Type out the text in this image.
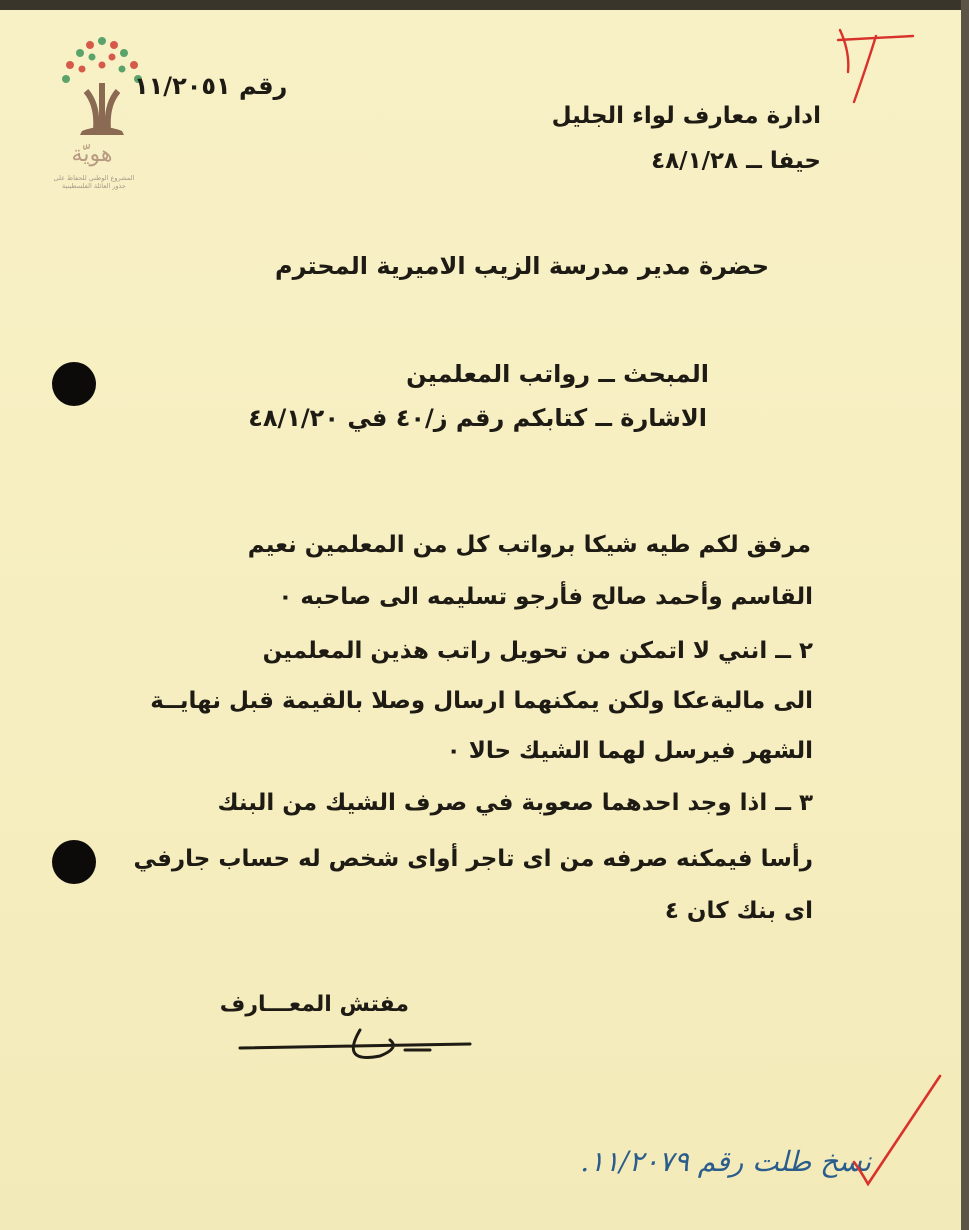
هويّة
المشروع الوطني للحفاظ على
جذور العائلة الفلسطينية
رقم ١١/٢٠٥١
ادارة معارف لواء الجليل
حيفا ــ ٤٨/١/٢٨
حضرة مدير مدرسة الزيب الاميرية المحترم
المبحث ــ رواتب المعلمين
الاشارة ــ كتابكم رقم ز/٤٠ في ٤٨/١/٢٠
مرفق لكم طيه شيكا برواتب كل من المعلمين نعيم
القاسم وأحمد صالح فأرجو تسليمه الى صاحبه ٠
٢ ــ انني لا اتمكن من تحويل راتب هذين المعلمين
الى ماليةعكا ولكن يمكنهما ارسال وصلا بالقيمة قبل نهايــة
الشهر فيرسل لهما الشيك حالا ٠
٣ ــ اذا وجد احدهما صعوبة في صرف الشيك من البنك
رأسا فيمكنه صرفه من اى تاجر أواى شخص له حساب جارفي
اى بنك كان ٤
مفتش المعـــارف
نسخ طلت رقم ١١/٢٠٧٩.
